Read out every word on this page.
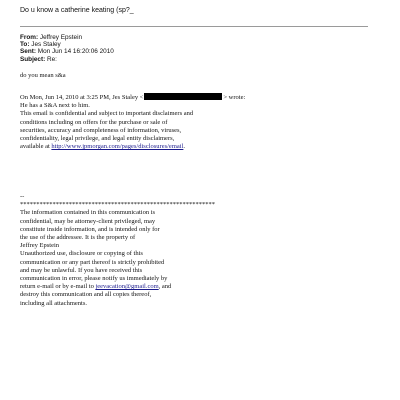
Do u know a catherine keating (sp?_
From: Jeffrey Epstein
To: Jes Staley
Sent: Mon Jun 14 16:20:06 2010
Subject: Re:
do you mean s&a
On Mon, Jun 14, 2010 at 3:25 PM, Jes Staley <	> wrote:
He has a S&A next to him.
This email is confidential and subject to important disclaimers and
conditions including on offers for the purchase or sale of
securities, accuracy and completeness of information, viruses,
confidentiality, legal privilege, and legal entity disclaimers,
available at http://www.jpmorgan.com/pages/disclosures/email.
--
************************************************************
The information contained in this communication is
confidential, may be attorney-client privileged, may
constitute inside information, and is intended only for
the use of the addressee. It is the property of
Jeffrey Epstein
Unauthorized use, disclosure or copying of this
communication or any part thereof is strictly prohibited
and may be unlawful. If you have received this
communication in error, please notify us immediately by
return e-mail or by e-mail to jeevacation@gmail.com, and
destroy this communication and all copies thereof,
including all attachments.
